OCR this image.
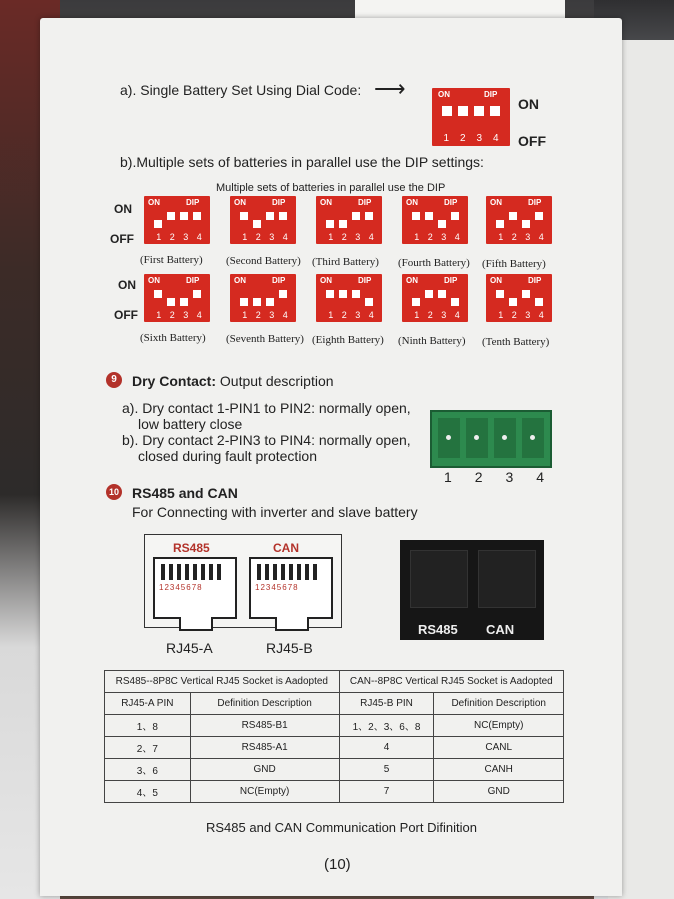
a). Single Battery Set Using Dial Code: ⟶	ON	DIP
1 2 3 4
ON
OFF
b).Multiple sets of batteries in parallel use the DIP settings:
Multiple sets of batteries in parallel use the DIP
ON
OFF
ON
OFF
ON	DIP
1 2 3 4
(First Battery)
ON	DIP
1 2 3 4
(Second Battery)
ON	DIP
1 2 3 4
(Third Battery)
ON	DIP
1 2 3 4
(Fourth Battery)
ON	DIP
1 2 3 4
(Fifth Battery)
ON	DIP
1 2 3 4
(Sixth Battery)
ON	DIP
1 2 3 4
(Seventh Battery)
ON	DIP
1 2 3 4
(Eighth Battery)
ON	DIP
1 2 3 4
(Ninth Battery)
ON	DIP
1 2 3 4
(Tenth Battery)
9	Dry Contact: Output description
a). Dry contact 1-PIN1 to PIN2: normally open,
low battery close
b). Dry contact 2-PIN3 to PIN4: normally open,
closed during fault protection
1 2 3 4
10 RS485 and CAN
For Connecting with inverter and slave battery
RS485	CAN
12345678	12345678
RJ45-A	RJ45-B
RS485 CAN
RS485--8P8C Vertical RJ45 Socket is Aadopted		CAN--8P8C Vertical RJ45 Socket is Aadopted	
RJ45-A PIN	Definition Description	RJ45-B PIN	Definition Description
1、8	RS485-B1	1、2、3、6、8	NC(Empty)
2、7	RS485-A1	4	CANL
3、6	GND	5	CANH
4、5	NC(Empty)	7	GND
RS485 and CAN Communication Port Difinition
(10)
